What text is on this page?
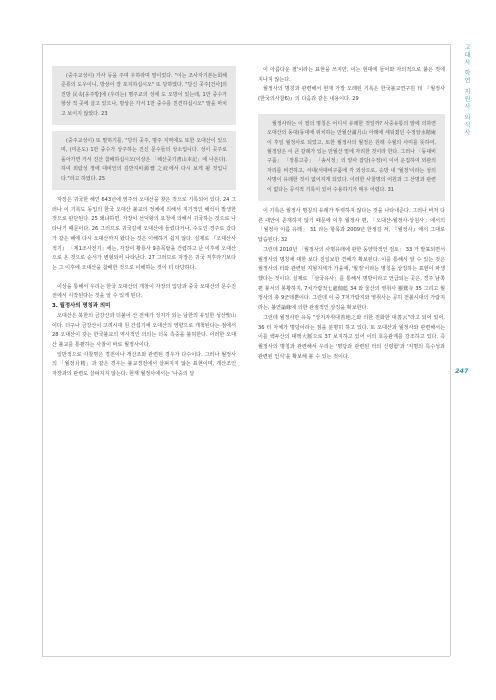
고대사 학연 지원사 의식사
247

(중주교성이) 가사 등을 주며 우하라며 말이었다. "이는 조사자기본논회해준류의 도우이니, 방상이 잘 포지하십시오" 또 당하였다. "당신 곳주[건사]의 진방 民속[옹주방]에 (우리는) 명주교의 성에 도 오방이 있는데, 1만 중수가 항상 적 곳에 살고 있으나, 방상은 가서 1만 중수를 친견하십시오" 말을 마치고 보이지 않았다. 23

(중주교성이) 또 말하기를, "당의 곳주, 명주 지역에도 또한 오대산이 있으며, (미운도) 1만 중수가 상주하는 진신 문수들의 상소입니다. 성이 곳주로 돌아가면 가서 진산 참배하십시오(이상은 「해산곳기書山本記」에 나온다). 하여 외람성 정에 대비인의 깊반지비源쏂 之庇에서 다시 보게 될 것입니다."라고 하였다. 25

자장은 귀국한 해인 643년에 영주의 오대산을 찾은 것으로 기록되어 있다. 24 그러나 이 기록도 동일의 한국 오대산 불교의 정체에 의해서 지기적인 해석이 발생한 것으로 판단된다. 25 왜냐하면, 자장이 선덕왕의 요청에 의해서 귀국하는 것으로 나타나기 때문이다. 26 그러므로 귀국길에 오대산에 들렀다거나, 수도인 경주로 갔다가 같은 해에 다시 오대산까지 왔다는 것은 이해하기 쉽지 않다. 실제로 『오대산사적기』 「제1조사전기」에는, 자장이 황룡사 9층목탑을 건립하고 난 이후에 오대산으로 온 것으로 순서가 변형되어 나타난다. 27 그러므로 자장은 귀국 직후라기보다는 그 이후에 오대산을 참배한 것으로 이해하는 것이 더 타당하다.

이상을 통해서 우리는 한국 오대산의 개창이 자장의 입당과 중국 오대산의 문수진전에서 시작된다는 것을 알 수 있게 된다.

3. 월정사의 명칭과 의미

오대산은 북한의 금강산과 더불어 산 전체가 성지가 되는 남한의 유일한 성산聖山이다. 더구나 금강산이 고려시대 원 간섭기에 오대산의 영향으로 개척된다는 점에서 28 오대산이 갖는 한국불교의 역사적인 의의는 더욱 측중을 불허한다. 이러한 오대산 불교를 통괄하는 사찰이 바로 월정사이다.

일반적으로 사찰명은 경전이나 개산조와 관련된 경우가 다수이다. 그러나 월정사의 「월정月精」과 같은 경우는 불교경전에서 살펴지지 않는 표현이며, 개산조인 자장과의 관련도 살펴지지 않는다. 현재 월정사에서는 '나중의 달

이 아름다운 절'이라는 표현을 쓰지만, 이는 현대에 들어와 자의적으로 붙은 것에 지나지 않는다.

월정사의 명칭과 관련해서 현재 가장 오래된 기록은 한국불교연구원 刊 『월정사(한국의사찰6)』의 다음과 같은 내용이다. 29

월정사라는 이 절의 명칭은 어디서 유래한 것일까? 사중유통의 말에 의하면 오대산의 동대(동대에 위치하는 만월산滿月山 아래에 세워졌던 수정암水精庵이 후일 월정사로 되었고, 또한 월정사의 월정은 원래 수월의 사미를 뜻하여, 월정암은 이 큰 갈래가 있는 만월산 밑에 자리한 것이라 한다. 그러나 「동대비구품」 「장통고증」 「송서정」의 양사 잡당(수정)이 이어 운집하여 외관의 자리를 비견하고, 서대(서대비구품에 각 외상으로, 승방 내 '월정'이라는 상의 사명이 유래한 것이 없어지게 되었다. 이러한 사찰명의 어원과 그 산명과 관련이 없다는 공식적 기록이 있어 수용하기가 매우 어렵다. 31

이 기록은 월정사 명칭의 유래가 뚜렷하지 않다는 것을 나타내준다. 그러나 바처 다른 대안이 존재하지 않기 때문에 이후 월정사 편, 「오대산-월정사-상원사」에서의 「월정사 이름 유래」 31 라는 항목과 2009년 한정길 저, 『월정사』에서 그대로 답습된다. 32

그런데 2010년 「월정사의 사명유래에 관한 동양학적인 검토」 33 가 발표되면서 월정사의 명칭에 대한 보다 진일보한 견해가 확보된다. 이를 통해서 알 수 있는 것은 월정사의 터와 관련된 지형지세가 가을에, '월정'이라는 명칭을 상징하는 표현이 파생했다는 것이다. 실제로 「삼국유사」를 통해서 명방이라고 언급되는 곳은, 경주 남쪽 편 봉서의 봉황하지, 7치가람적七處伽藍 34 와 울산의 영취사 靈鷲寺 35 그리고 월정사의 총 9군데뿐이다. 그런데 이 중 7처가람지와 영취사는 공히 전불시대의 가람지라는, 불연論緣에 의한 관점적인 상징을 확보한다.

그런데 월정사만 유독 "상지자취대善地之와 의한 전화한 대善云"라고 되어 있어, 36 터 자체가 명당이라는 점을 분명히 하고 있다. 또 오대산과 월정사와 관련해서는 이를 백두산의 대맥大脈으로 37 보지하고 있어 이의 호응관계를 강조하고 있다. 즉 월정사의 명칭과 관련해서 우리는 '명당과 관련된 터의 신령함'과 '지명의 특수성과 관련된 인식'을 확보해 볼 수 있는 것이다.
